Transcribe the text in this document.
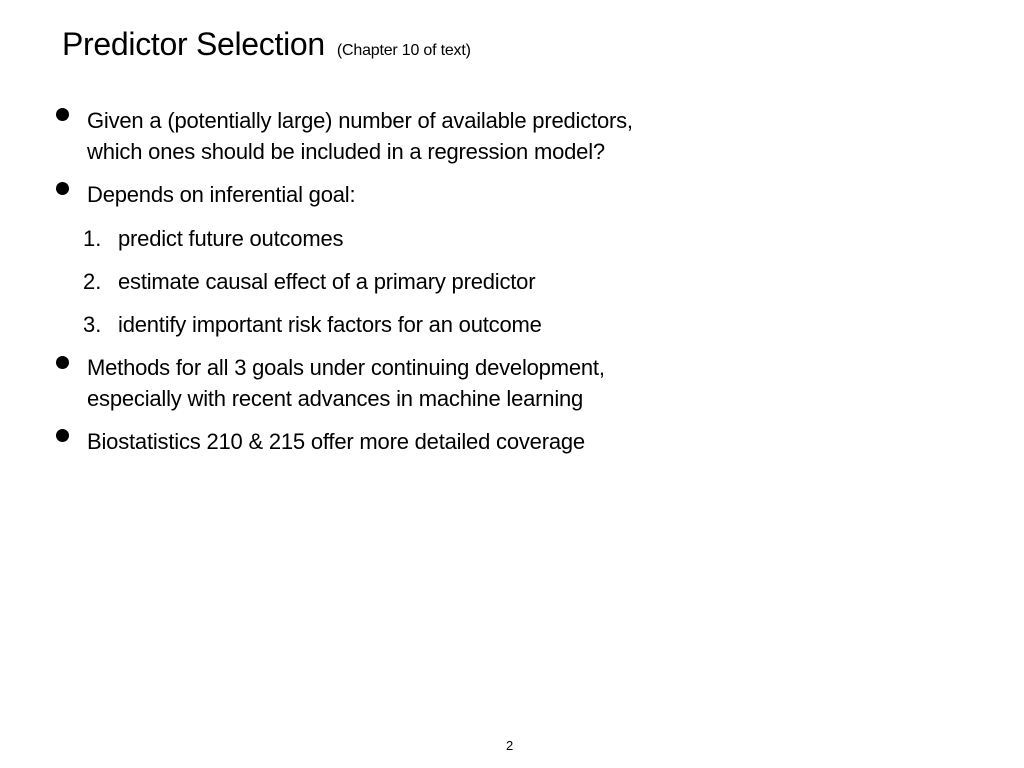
Predictor Selection (Chapter 10 of text)
Given a (potentially large) number of available predictors,
which ones should be included in a regression model?
Depends on inferential goal:
1. predict future outcomes
2. estimate causal effect of a primary predictor
3. identify important risk factors for an outcome
Methods for all 3 goals under continuing development,
especially with recent advances in machine learning
Biostatistics 210 & 215 offer more detailed coverage
2
